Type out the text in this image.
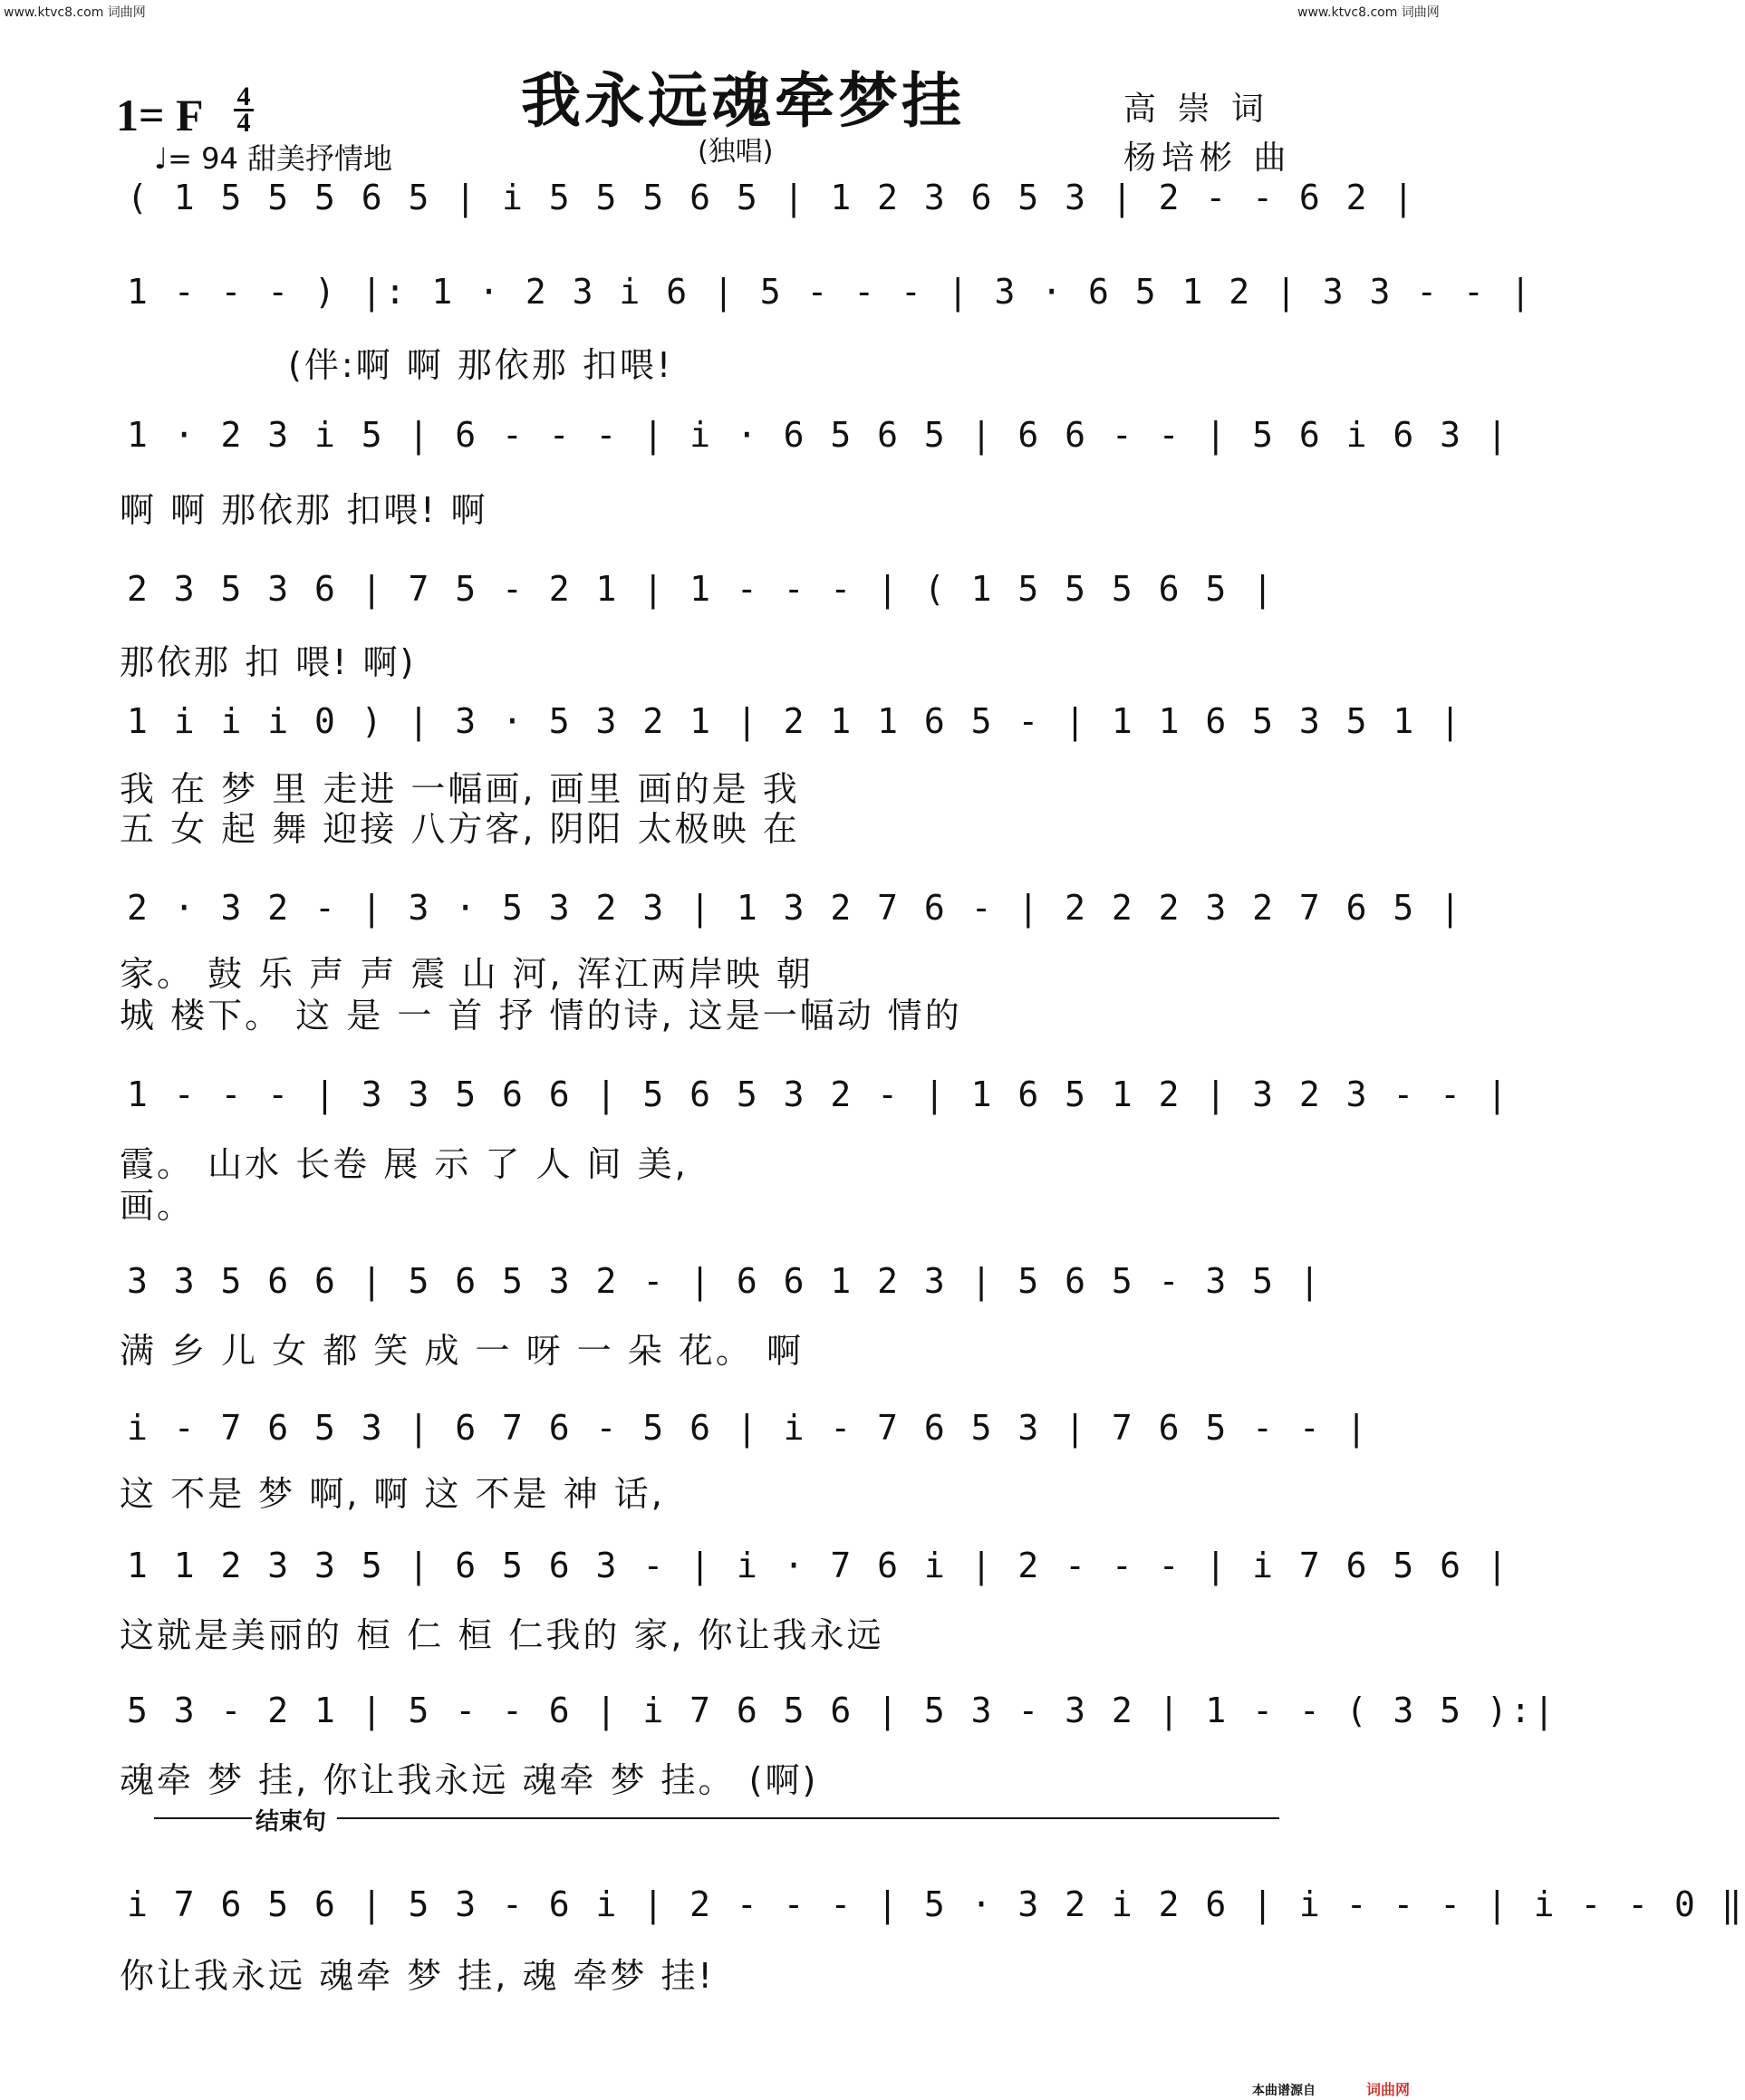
www.ktvc8.com 词曲网	www.ktvc8.com 词曲网
1= F 4
4
♩= 94 甜美抒情地
我永远魂牵梦挂
(独唱)
高 崇 词
杨培彬 曲
( 1 5 5 5 6 5 | i 5 5 5 6 5 | 1 2 3 6 5 3 | 2 - - 6 2 |
1 - - - ) |: 1 · 2 3 i 6 | 5 - - - | 3 · 6 5 1 2 | 3 3 - - |
(伴:啊 啊 那依那 扣喂!
1 · 2 3 i 5 | 6 - - - | i · 6 5 6 5 | 6 6 - - | 5 6 i 6 3 |
啊 啊 那依那 扣喂! 啊
2 3 5 3 6 | 7 5 - 2 1 | 1 - - - | ( 1 5 5 5 6 5 |
那依那 扣 喂! 啊)
1 i i i 0 ) | 3 · 5 3 2 1 | 2 1 1 6 5 - | 1 1 6 5 3 5 1 |
我 在 梦 里 走进 一幅画, 画里 画的是 我
五 女 起 舞 迎接 八方客, 阴阳 太极映 在
2 · 3 2 - | 3 · 5 3 2 3 | 1 3 2 7 6 - | 2 2 2 3 2 7 6 5 |
家。 鼓 乐 声 声 震 山 河, 浑江两岸映 朝
城 楼下。 这 是 一 首 抒 情的诗, 这是一幅动 情的
1 - - - | 3 3 5 6 6 | 5 6 5 3 2 - | 1 6 5 1 2 | 3 2 3 - - |
霞。 山水 长卷 展 示 了 人 间 美,
画。
3 3 5 6 6 | 5 6 5 3 2 - | 6 6 1 2 3 | 5 6 5 - 3 5 |
满 乡 儿 女 都 笑 成 一 呀 一 朵 花。 啊
i - 7 6 5 3 | 6 7 6 - 5 6 | i - 7 6 5 3 | 7 6 5 - - |
这 不是 梦 啊, 啊 这 不是 神 话,
1 1 2 3 3 5 | 6 5 6 3 - | i · 7 6 i | 2 - - - | i 7 6 5 6 |
这就是美丽的 桓 仁 桓 仁我的 家, 你让我永远
5 3 - 2 1 | 5 - - 6 | i 7 6 5 6 | 5 3 - 3 2 | 1 - - ( 3 5 ):|
魂牵 梦 挂, 你让我永远 魂牵 梦 挂。 (啊)
结束句
i 7 6 5 6 | 5 3 - 6 i | 2 - - - | 5 · 3 2 i 2 6 | i - - - | i - - 0 ‖
你让我永远 魂牵 梦 挂, 魂 牵梦 挂!
本曲谱源自	词曲网
